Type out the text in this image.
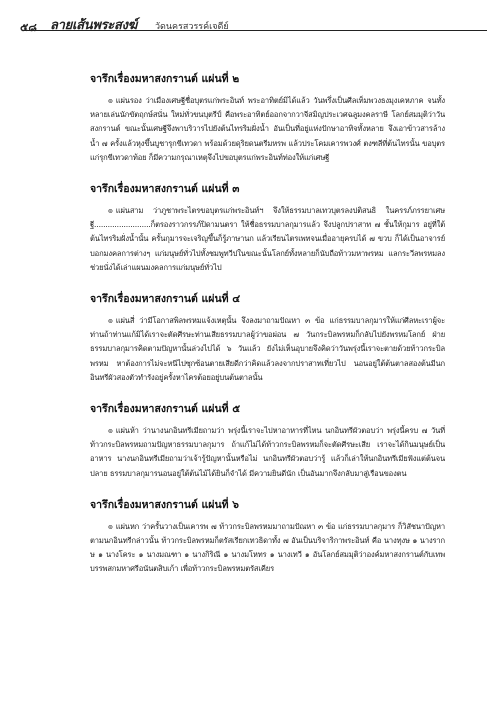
๕๘ ลายเส้นพระสงฆ์ วัดนครสวรรค์เจดีย์
จารึกเรื่องมหาสงกรานต์ แผ่นที่ ๒

๏ แผ่นรอง ว่าเมืองเศษฐีชื่อบุตรแก่พระอินท์ พระอาทิตย์มิได้แล้ว วันพรึ่งเป็นศีลเท็มพวงธงมุงเคหภาค จนทั้งหลายเล่นนักขัตฤกษ์สนั่น ใหม่ทั่วขนบุตรีป์ คือพระอาทิตย์ออกจากวาจีสมิญประเวศฉลูมงคลราษี โลกย์สมมุติว่าวันสงกรานต์ ขณะนั้นเศษฐีจึงพาบริวารไปยังต้นไทรริมฝั่งน้ำ อันเป็นที่อยู่แห่งปักษาอาทิจทั้งหลาย จึงเอาข้าวสารล้างน้ำ ๗ ครั้งแล้วหุงขึ้นบูชารุกขีเทวดา พร้อมด้วยดุริยดนตรีมหรพ แล้วประโคมเคารพวงศ์ ตงฑลีที่ต้นไทรนั้น ขอบุตรแก่รุกขีเทวดาท้อย ก็มีความกรุณาเหตุจึงไปขอบุตรแก่พระอินท์ท่องให้แก่เศษฐี

จารึกเรื่องมหาสงกรานต์ แผ่นที่ ๓

๏ แผ่นสาม ว่าภูชาพระไตรขอบุตรแก่พระอินท์ฯ จึงให้ธรรมบาลเทวบุตรลงปติสนธิ ในครรภ์ภรรยาเศษฐี.........................ก็ตรองราวกรรภ์ปิดามนตรา ให้ชื่อธรรมบาลกุมารแล้ว จึงปลูกปราสาท ๗ ชั้นให้กุมาร อยู่ที่ใต้ต้นไทรริมฝั่งน้ำนั้น ครั้นกุมารจะเจริญขึ้นก็รู้ภาษานก แล้วเรียนไตรเพทจนเมื่ออายุครบได้ ๗ ขวบ ก็ได้เป็นอาจารย์บอกมงคลการต่างๆ แก่มนุษย์ทั่วไปทั้งชมพูทวีปในขณะนั้นโลกย์ทั้งหลายก็นับถือท้าวมหาพรหม แลกระวีลพรหมลงช่วยนั่งได้เล่าแผนมงคลการแก่มนุษย์ทั่วไป

จารึกเรื่องมหาสงกรานต์ แผ่นที่ ๔

๏ แผ่นสี่ ว่ามีโอกาสพิลพรหมแจ้งเหตุนั้น จึงลงมาถามปัณหา ๓ ข้อ แก่ธรรมบาลกุมารให้แก่ศีลหะเราผู้จะท่านถ้าท่านแก้มิได้เราจะตัดศีรษะท่านเสียธรรมบาลผู้ว่าขอผ่อน ๗ วันกระบิลพรหมก็กลับไปยังพรหมโลกย์ ฝ่ายธรรมบาลกุมารคิดตามปัญหานั้นล่วงไปได้ ๖ วันแล้ว ยังไม่เห็นอุบายจึงคิดว่าวันพรุ่งนี้เราจะตายด้วยท้าวกระบิลพรหม หาต้องการไม่จะหนีไปซุกซ้อนตายเสียดีกว่าคิดแล้วลงจากปราสาทเที่ยวไป นอนอยู่ใต้ต้นตาลสองต้นมีนกอินทรีผัวสองตัวทำรังอยู่ครั้งหาไครต้อยอยู่บนต้นตาลนั้น

จารึกเรื่องมหาสงกรานต์ แผ่นที่ ๕

๏ แผ่นห้า ว่านางนกอินทรีเมียถามว่า พรุ่งนี้เราจะไปหาอาหารที่ไหน นกอินทรีผัวตอบว่า พรุ่งนี้ครบ ๗ วันที่ท้าวกระบิลพรหมถามปัญหาธรรมบาลกุมาร ถ้าแก้ไม่ได้ท้าวกระบิลพรหมก็จะตัดศีรษะเสีย เราจะได้กินมนุษย์เป็นอาหาร นางนกอินทรีเมียถามว่าเจ้ารู้ปัญหานั้นหรือไม่ นกอินทรีผัวตอบว่ารู้ แล้วก็เล่าให้นกอินทรีเมียฟังแต่ต้นจนปลาย ธรรมบาลกุมารนอนอยู่ใต้ต้นไม้ได้ยินก็จำได้ มีความยินดีนัก เป็นอันมากจึงกลับมาสู่เรือนของตน

จารึกเรื่องมหาสงกรานต์ แผ่นที่ ๖

๏ แผ่นหก ว่าครั้นวางเป็นเคารพ ๗ ท้าวกระบิลพรหมมาถามปัณหา ๓ ข้อ แก่ธรรมบาลกุมาร ก็วิสัชนาปัญหาตามนกอินทรีกล่าวนั้น ท้าวกระบิลพรหมก็ตรัสเรียกเทวธิดาทั้ง ๗ อันเป็นบริจาริกาพระอินท์ คือ นางทุงษ ๑ นางรากษ ๑ นางโคระ ๑ นางมณฑา ๑ นางกิริณี ๑ นางมโหทร ๑ นางเทวี ๑ อันโลกย์สมมุติว่าองค์มหาสงกรานต์กับเทพบรรพสกมหาศรีอนันตสิบเก้า เพื่อท้าวกระบิลพรหมตรัสเคียร
